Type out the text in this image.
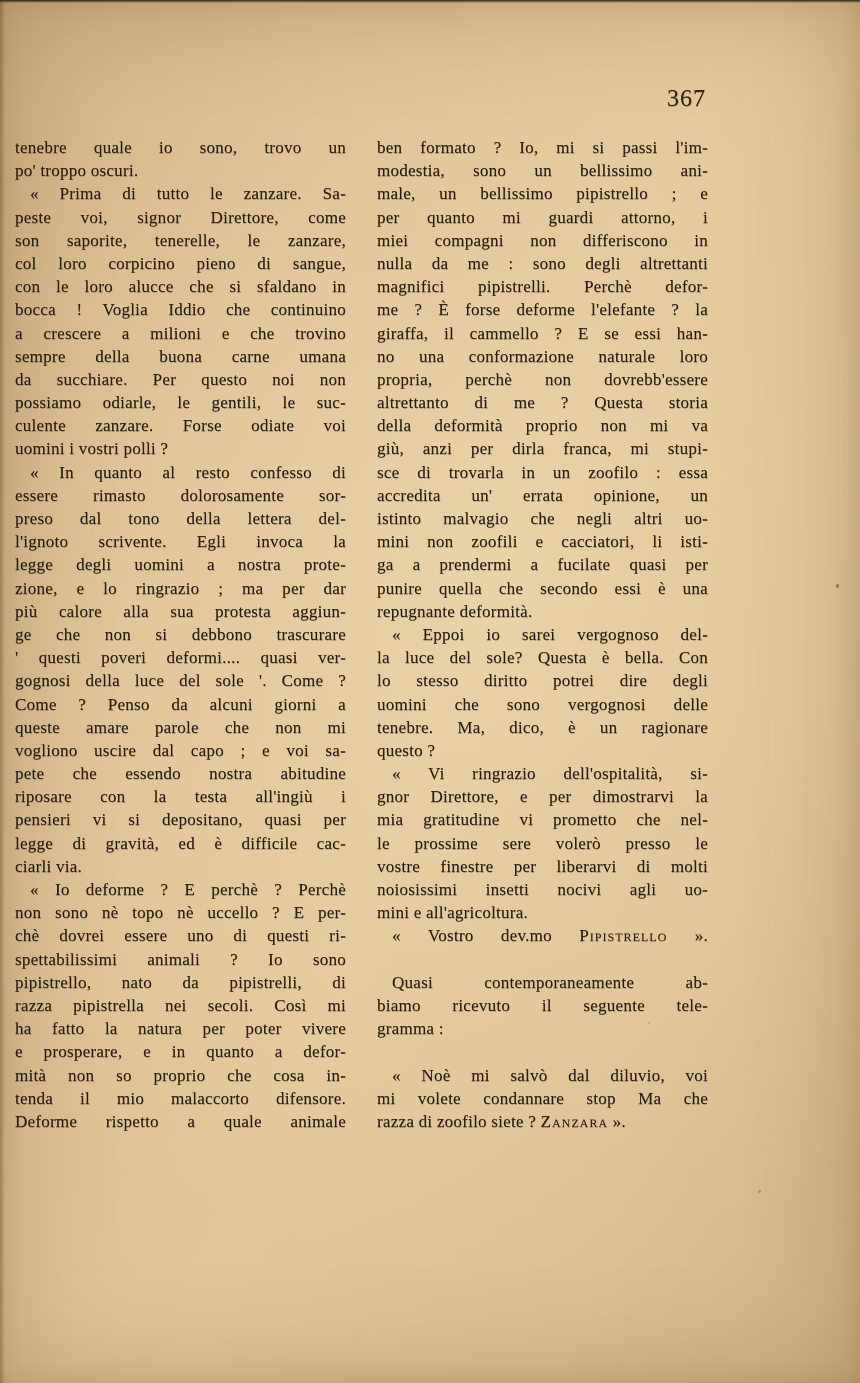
367
tenebre quale io sono, trovo un
po' troppo oscuri.
« Prima di tutto le zanzare. Sa-
peste voi, signor Direttore, come
son saporite, tenerelle, le zanzare,
col loro corpicino pieno di sangue,
con le loro alucce che si sfaldano in
bocca ! Voglia Iddio che continuino
a crescere a milioni e che trovino
sempre della buona carne umana
da succhiare. Per questo noi non
possiamo odiarle, le gentili, le suc-
culente zanzare. Forse odiate voi
uomini i vostri polli ?
« In quanto al resto confesso di
essere rimasto dolorosamente sor-
preso dal tono della lettera del-
l'ignoto scrivente. Egli invoca la
legge degli uomini a nostra prote-
zione, e lo ringrazio ; ma per dar
più calore alla sua protesta aggiun-
ge che non si debbono trascurare
' questi poveri deformi.... quasi ver-
gognosi della luce del sole '. Come ?
Come ? Penso da alcuni giorni a
queste amare parole che non mi
vogliono uscire dal capo ; e voi sa-
pete che essendo nostra abitudine
riposare con la testa all'ingiù i
pensieri vi si depositano, quasi per
legge di gravità, ed è difficile cac-
ciarli via.
« Io deforme ? E perchè ? Perchè
non sono nè topo nè uccello ? E per-
chè dovrei essere uno di questi ri-
spettabilissimi animali ? Io sono
pipistrello, nato da pipistrelli, di
razza pipistrella nei secoli. Così mi
ha fatto la natura per poter vivere
e prosperare, e in quanto a defor-
mità non so proprio che cosa in-
tenda il mio malaccorto difensore.
Deforme rispetto a quale animale
ben formato ? Io, mi si passi l'im-
modestia, sono un bellissimo ani-
male, un bellissimo pipistrello ; e
per quanto mi guardi attorno, i
miei compagni non differiscono in
nulla da me : sono degli altrettanti
magnifici pipistrelli. Perchè defor-
me ? È forse deforme l'elefante ? la
giraffa, il cammello ? E se essi han-
no una conformazione naturale loro
propria, perchè non dovrebb'essere
altrettanto di me ? Questa storia
della deformità proprio non mi va
giù, anzi per dirla franca, mi stupi-
sce di trovarla in un zoofilo : essa
accredita un' errata opinione, un
istinto malvagio che negli altri uo-
mini non zoofili e cacciatori, li isti-
ga a prendermi a fucilate quasi per
punire quella che secondo essi è una
repugnante deformità.
« Eppoi io sarei vergognoso del-
la luce del sole? Questa è bella. Con
lo stesso diritto potrei dire degli
uomini che sono vergognosi delle
tenebre. Ma, dico, è un ragionare
questo ?
« Vi ringrazio dell'ospitalità, si-
gnor Direttore, e per dimostrarvi la
mia gratitudine vi prometto che nel-
le prossime sere volerò presso le
vostre finestre per liberarvi di molti
noiosissimi insetti nocivi agli uo-
mini e all'agricoltura.
« Vostro dev.mo Pipistrello ».
Quasi contemporaneamente ab-
biamo ricevuto il seguente tele-
gramma :
« Noè mi salvò dal diluvio, voi
mi volete condannare stop Ma che
razza di zoofilo siete ? Zanzara ».
